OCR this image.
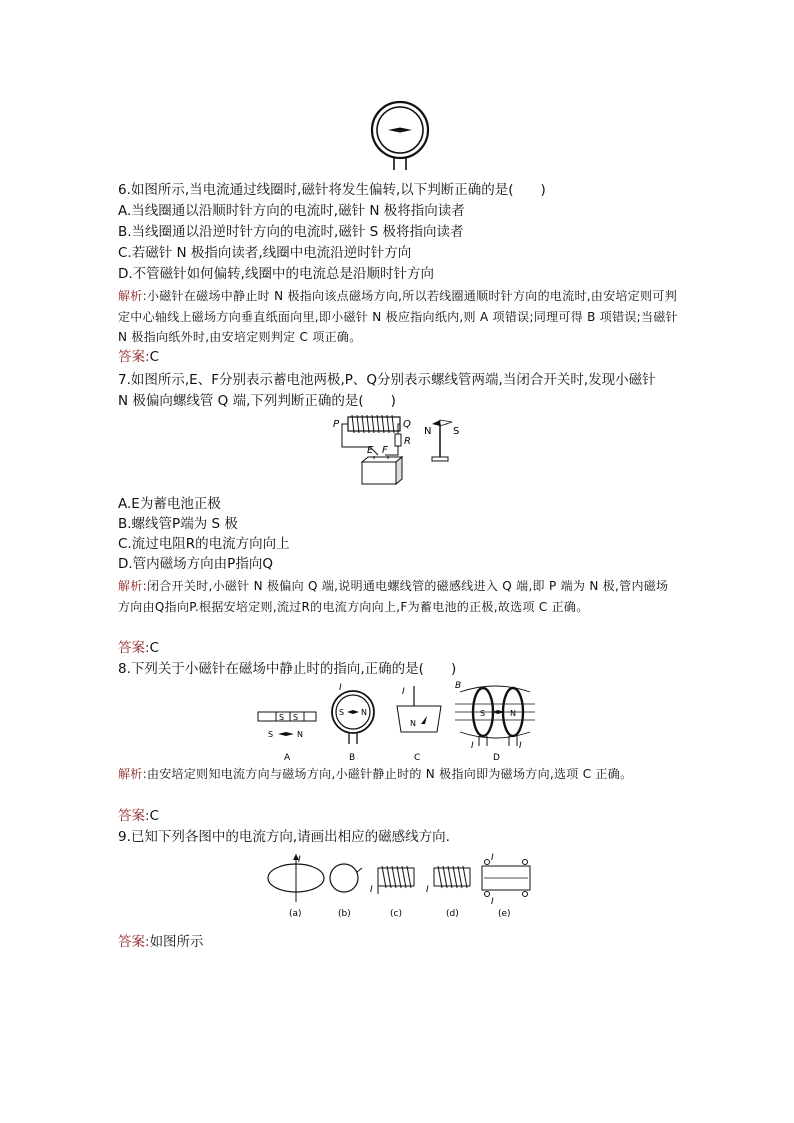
6.如图所示,当电流通过线圈时,磁针将发生偏转,以下判断正确的是(　　)
A.当线圈通以沿顺时针方向的电流时,磁针 N 极将指向读者
B.当线圈通以沿逆时针方向的电流时,磁针 S 极将指向读者
C.若磁针 N 极指向读者,线圈中电流沿逆时针方向
D.不管磁针如何偏转,线圈中的电流总是沿顺时针方向
解析:小磁针在磁场中静止时 N 极指向该点磁场方向,所以若线圈通顺时针方向的电流时,由安培定则可判定中心轴线上磁场方向垂直纸面向里,即小磁针 N 极应指向纸内,则 A 项错误;同理可得 B 项错误;当磁针 N 极指向纸外时,由安培定则判定 C 项正确。
答案:C
7.如图所示,E、F分别表示蓄电池两极,P、Q分别表示螺线管两端,当闭合开关时,发现小磁针
N 极偏向螺线管 Q 端,下列判断正确的是(　　)
P	Q
R
E F
N S
A.E为蓄电池正极
B.螺线管P端为 S 极
C.流过电阻R的电流方向向上
D.管内磁场方向由P指向Q
解析:闭合开关时,小磁针 N 极偏向 Q 端,说明通电螺线管的磁感线进入 Q 端,即 P 端为 N 极,管内磁场方向由Q指向P.根据安培定则,流过R的电流方向向上,F为蓄电池的正极,故选项 C 正确。
答案:C
8.下列关于小磁针在磁场中静止时的指向,正确的是(　　)
S S
S	N
A
I
S N
B
I
N
C
B
S	N
I	I
D
解析:由安培定则知电流方向与磁场方向,小磁针静止时的 N 极指向即为磁场方向,选项 C 正确。
答案:C
9.已知下列各图中的电流方向,请画出相应的磁感线方向.
I
(a)	(b)
I
(c)
I
(d)
I
I
(e)
答案:如图所示
